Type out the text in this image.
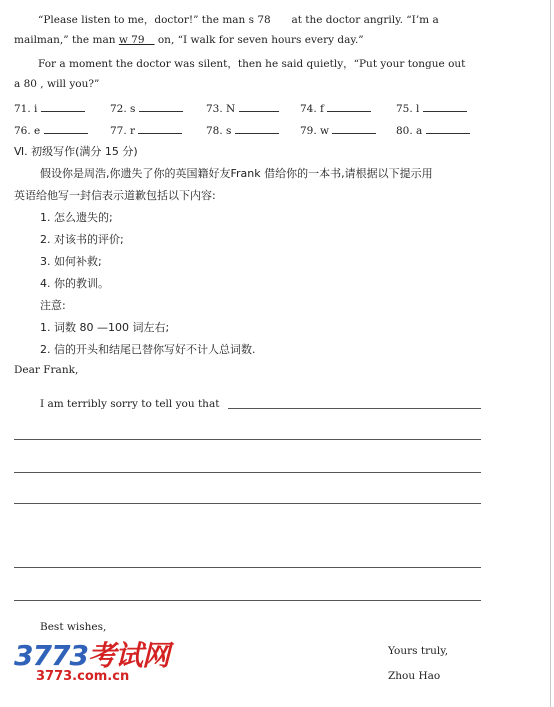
“Please listen to me，doctor!” the man s 78 at the doctor angrily. “I’m a
mailman,” the man w 79 on, “I walk for seven hours every day.”
For a moment the doctor was silent，then he said quietly，“Put your tongue out
a 80 , will you?”
71. i	72. s	73. N	74. f	75. l
76. e	77. r	78. s	79. w	80. a
Ⅵ. 初级写作(满分 15 分)
假设你是周浩,你遗失了你的英国籍好友Frank 借给你的一本书,请根据以下提示用
英语给他写一封信表示道歉包括以下内容:
1. 怎么遗失的;
2. 对该书的评价;
3. 如何补救;
4. 你的教训。
注意:
1. 词数 80 —100 词左右;
2. 信的开头和结尾已替你写好不计人总词数.
Dear Frank,
I am terribly sorry to tell you that
Best wishes,
Yours truly,
Zhou Hao
3773考试网
3773.com.cn
